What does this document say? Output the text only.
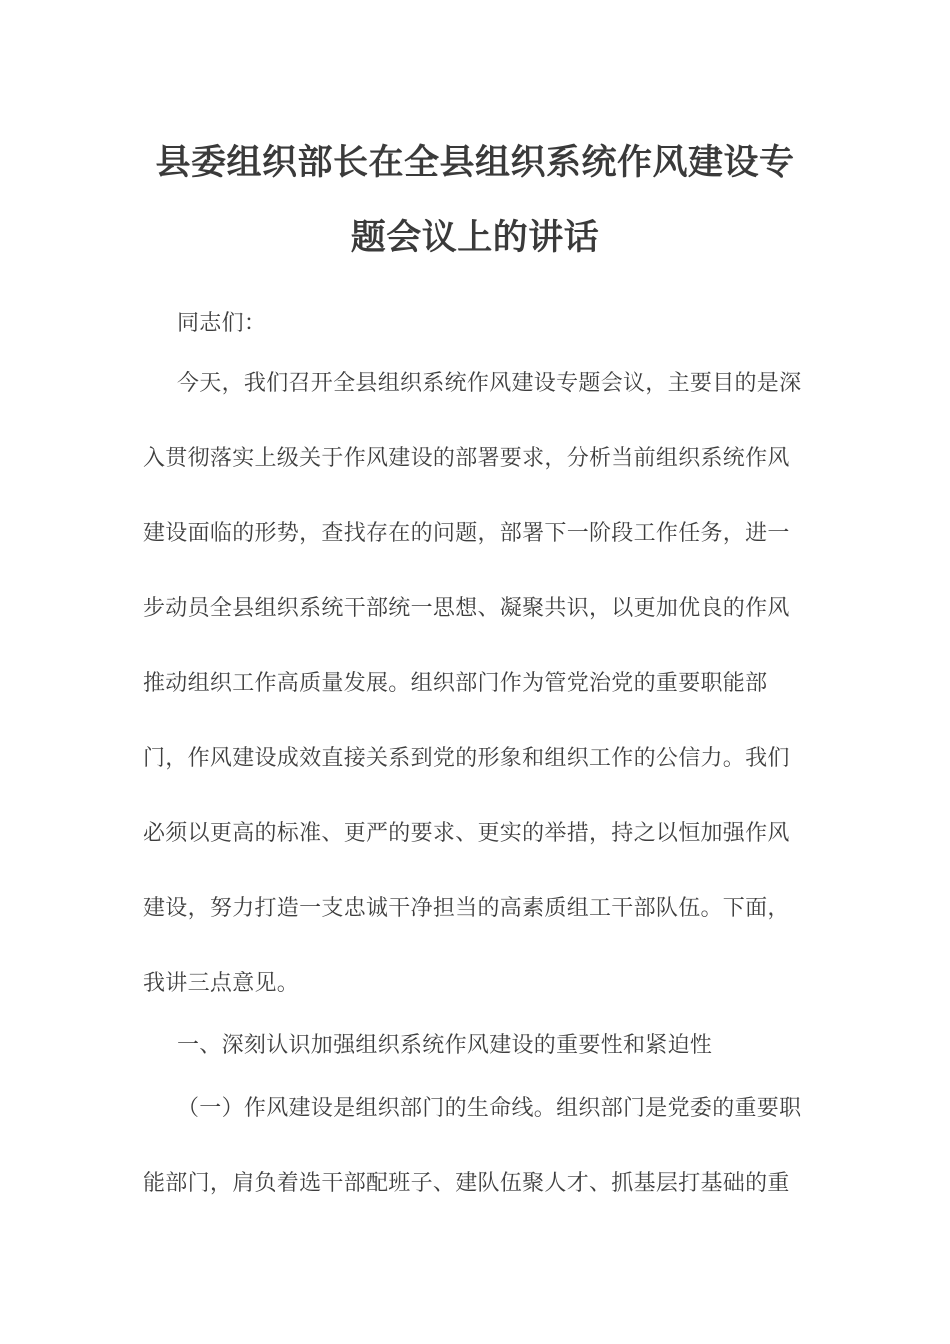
县委组织部长在全县组织系统作风建设专
题会议上的讲话
同志们：
今天，我们召开全县组织系统作风建设专题会议，主要目的是深
入贯彻落实上级关于作风建设的部署要求，分析当前组织系统作风
建设面临的形势，查找存在的问题，部署下一阶段工作任务，进一
步动员全县组织系统干部统一思想、凝聚共识，以更加优良的作风
推动组织工作高质量发展。组织部门作为管党治党的重要职能部
门，作风建设成效直接关系到党的形象和组织工作的公信力。我们
必须以更高的标准、更严的要求、更实的举措，持之以恒加强作风
建设，努力打造一支忠诚干净担当的高素质组工干部队伍。下面，
我讲三点意见。
一、深刻认识加强组织系统作风建设的重要性和紧迫性
（一）作风建设是组织部门的生命线。组织部门是党委的重要职
能部门，肩负着选干部配班子、建队伍聚人才、抓基层打基础的重
